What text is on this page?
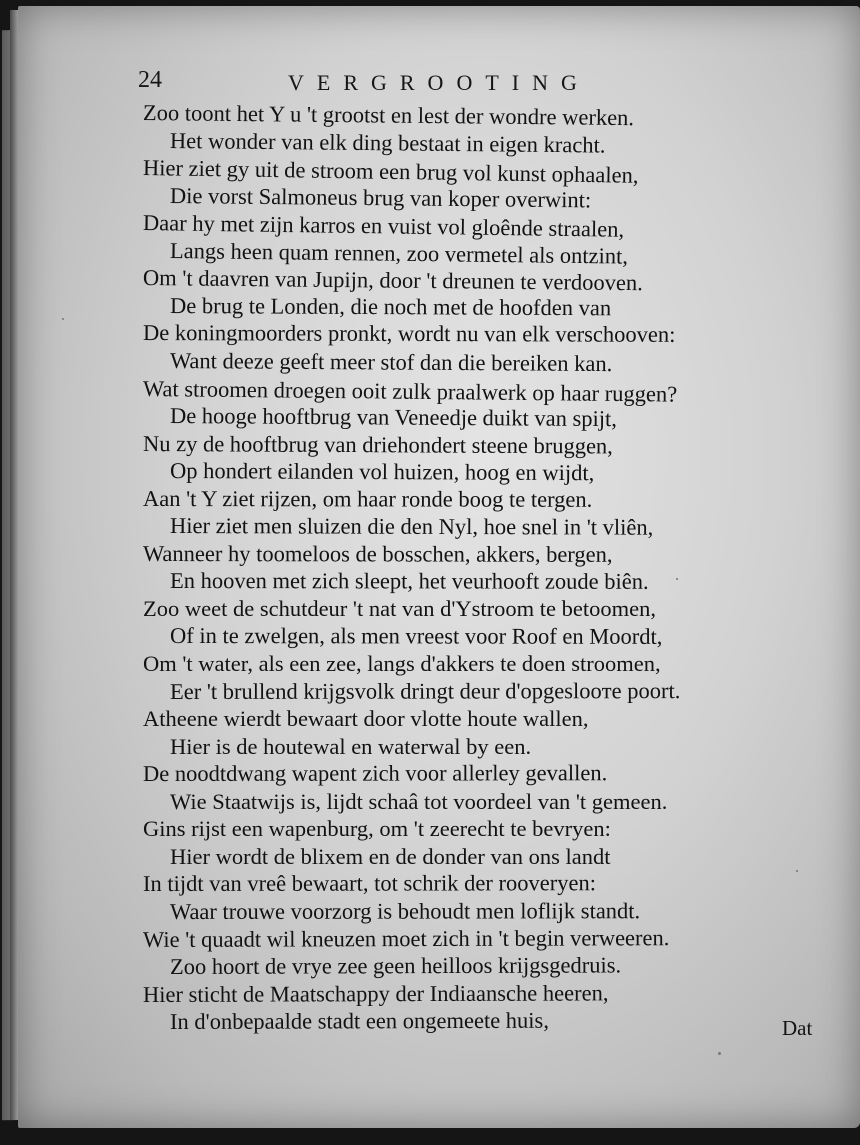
24	VERGROOTING
Zoo toont het Y u 't grootst en lest der wondre werken.
Het wonder van elk ding bestaat in eigen kracht.
Hier ziet gy uit de stroom een brug vol kunst ophaalen,
Die vorst Salmoneus brug van koper overwint:
Daar hy met zijn karros en vuist vol gloênde straalen,
Langs heen quam rennen, zoo vermetel als ontzint,
Om 't daavren van Jupijn, door 't dreunen te verdooven.
De brug te Londen, die noch met de hoofden van
De koningmoorders pronkt, wordt nu van elk verschooven:
Want deeze geeft meer stof dan die bereiken kan.
Wat stroomen droegen ooit zulk praalwerk op haar ruggen?
De hooge hooftbrug van Veneedje duikt van spijt,
Nu zy de hooftbrug van driehondert steene bruggen,
Op hondert eilanden vol huizen, hoog en wijdt,
Aan 't Y ziet rijzen, om haar ronde boog te tergen.
Hier ziet men sluizen die den Nyl, hoe snel in 't vliên,
Wanneer hy toomeloos de bosschen, akkers, bergen,
En hooven met zich sleept, het veurhooft zoude biên.
Zoo weet de schutdeur 't nat van d'Ystroom te betoomen,
Of in te zwelgen, als men vreest voor Roof en Moordt,
Om 't water, als een zee, langs d'akkers te doen stroomen,
Eer 't brullend krijgsvolk dringt deur d'opgeslooте poort.
Atheene wierdt bewaart door vlotte houte wallen,
Hier is de houtewal en waterwal by een.
De noodtdwang wapent zich voor allerley gevallen.
Wie Staatwijs is, lijdt schaâ tot voordeel van 't gemeen.
Gins rijst een wapenburg, om 't zeerecht te bevryen:
Hier wordt de blixem en de donder van ons landt
In tijdt van vreê bewaart, tot schrik der rooveryen:
Waar trouwe voorzorg is behoudt men loflijk standt.
Wie 't quaadt wil kneuzen moet zich in 't begin verweeren.
Zoo hoort de vrye zee geen heilloos krijgsgedruis.
Hier sticht de Maatschappy der Indiaansche heeren,
In d'onbepaalde stadt een ongemeete huis,	Dat
